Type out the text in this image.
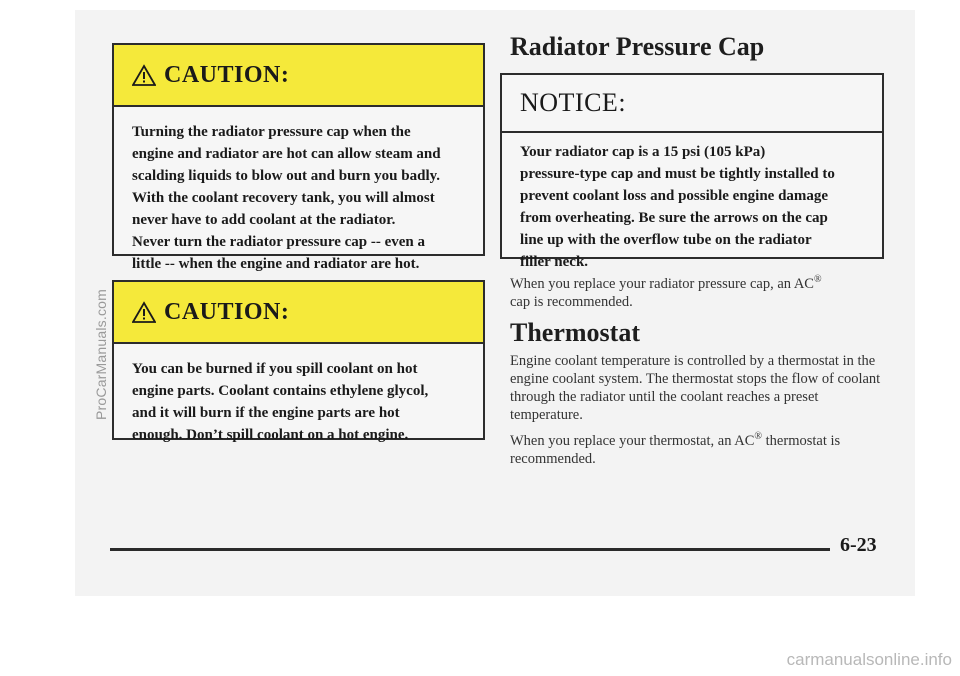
ProCarManuals.com
carmanualsonline.info
CAUTION:

Turning the radiator pressure cap when the

engine and radiator are hot can allow steam and

scalding liquids to blow out and burn you badly.

With the coolant recovery tank, you will almost

never have to add coolant at the radiator.

Never turn the radiator pressure cap -- even a

little -- when the engine and radiator are hot.

CAUTION:

You can be burned if you spill coolant on hot

engine parts. Coolant contains ethylene glycol,

and it will burn if the engine parts are hot

enough. Don’t spill coolant on a hot engine.

Radiator Pressure Cap
NOTICE:

Your radiator cap is a 15 psi (105 kPa)

pressure-type cap and must be tightly installed to

prevent coolant loss and possible engine damage

from overheating. Be sure the arrows on the cap

line up with the overflow tube on the radiator

filler neck.

When you replace your radiator pressure cap, an AC®
cap is recommended.

Thermostat

Engine coolant temperature is controlled by a thermostat in the engine coolant system. The thermostat stops the flow of coolant through the radiator until the coolant reaches a preset temperature.

When you replace your thermostat, an AC® thermostat is recommended.

6-23
